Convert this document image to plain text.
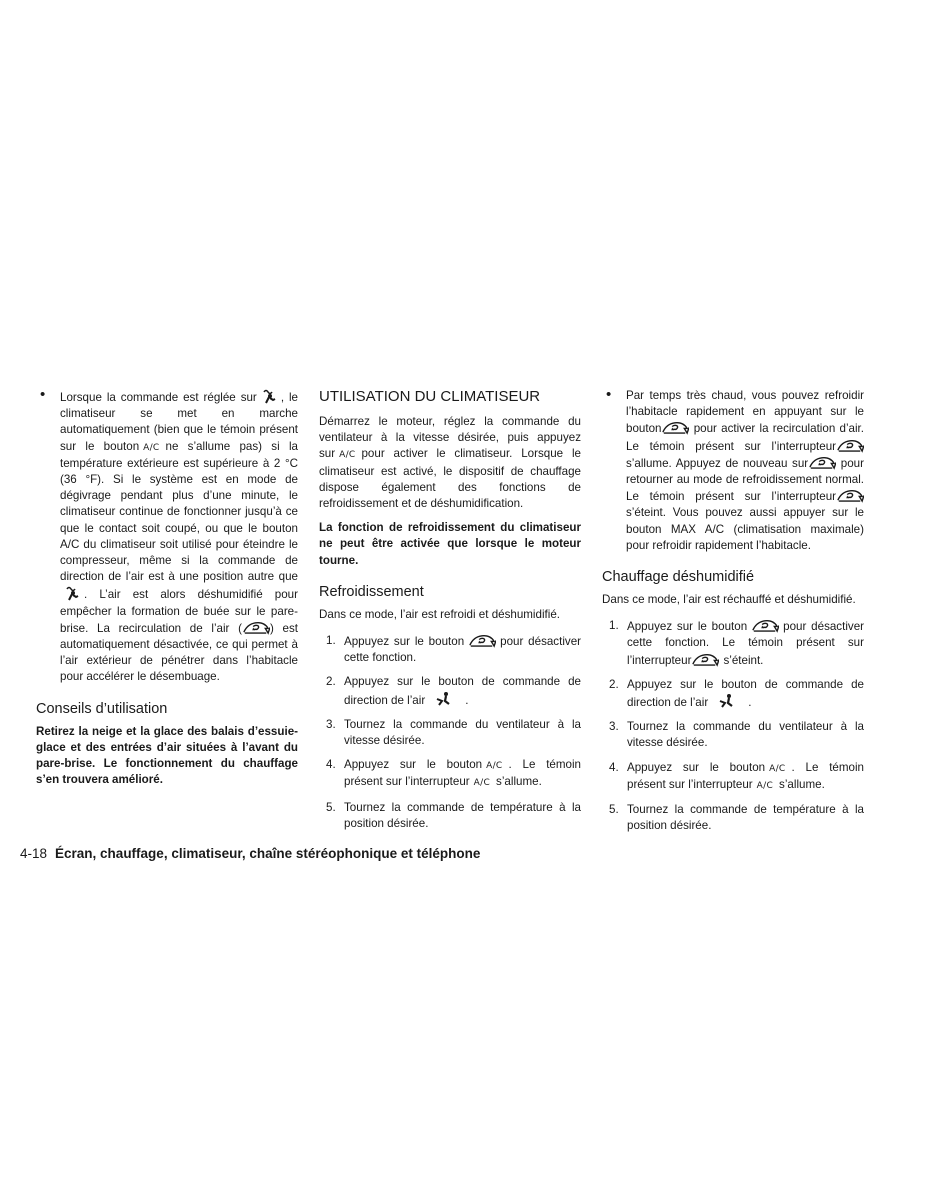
• Lorsque la commande est réglée sur , le climatiseur se met en marche automatiquement (bien que le témoin présent sur le bouton A/C ne s’allume pas) si la température extérieure est supérieure à 2 °C (36 °F). Si le système est en mode de dégivrage pendant plus d’une minute, le climatiseur continue de fonctionner jusqu’à ce que le contact soit coupé, ou que le bouton A/C du climatiseur soit utilisé pour éteindre le compresseur, même si la commande de direction de l’air est à une position autre que. L’air est alors déshumidifié pour empêcher la formation de buée sur le pare-brise. La recirculation de l’air ( ) est automatiquement désactivée, ce qui permet à l’air extérieur de pénétrer dans l’habitacle pour accélérer le désembuage.

Conseils d’utilisation

Retirez la neige et la glace des balais d’essuie-glace et des entrées d’air situées à l’avant du pare-brise. Le fonctionnement du chauffage s’en trouvera amélioré.

UTILISATION DU CLIMATISEUR

Démarrez le moteur, réglez la commande du ventilateur à la vitesse désirée, puis appuyez sur A/C pour activer le climatiseur. Lorsque le climatiseur est activé, le dispositif de chauffage dispose également des fonctions de refroidissement et de déshumidification.

La fonction de refroidissement du climatiseur ne peut être activée que lorsque le moteur tourne.

Refroidissement

Dans ce mode, l’air est refroidi et déshumidifié.

1. Appuyez sur le bouton	pour désactiver cette fonction.
2. Appuyez sur le bouton de commande de direction de l’air	.
3. Tournez la commande du ventilateur à la vitesse désirée.
4. Appuyez sur le bouton A/C . Le témoin présent sur l’interrupteur A/C s’allume.
5. Tournez la commande de température à la position désirée.

• Par temps très chaud, vous pouvez refroidir l’habitacle rapidement en appuyant sur le bouton	pour activer la recirculation d’air. Le témoin présent sur l’interrupteur s’allume. Appuyez de nouveau sur	pour retourner au mode de refroidissement normal. Le témoin présent sur l’interrupteur s’éteint. Vous pouvez aussi appuyer sur le bouton MAX A/C (climatisation maximale) pour refroidir rapidement l’habitacle.

Chauffage déshumidifié

Dans ce mode, l’air est réchauffé et déshumidifié.

1. Appuyez sur le bouton	pour désactiver cette fonction. Le témoin présent sur l’interrupteur	s’éteint.
2. Appuyez sur le bouton de commande de direction de l’air	.
3. Tournez la commande du ventilateur à la vitesse désirée.
4. Appuyez sur le bouton A/C . Le témoin présent sur l’interrupteur A/C s’allume.
5. Tournez la commande de température à la position désirée.
4-18 Écran, chauffage, climatiseur, chaîne stéréophonique et téléphone
